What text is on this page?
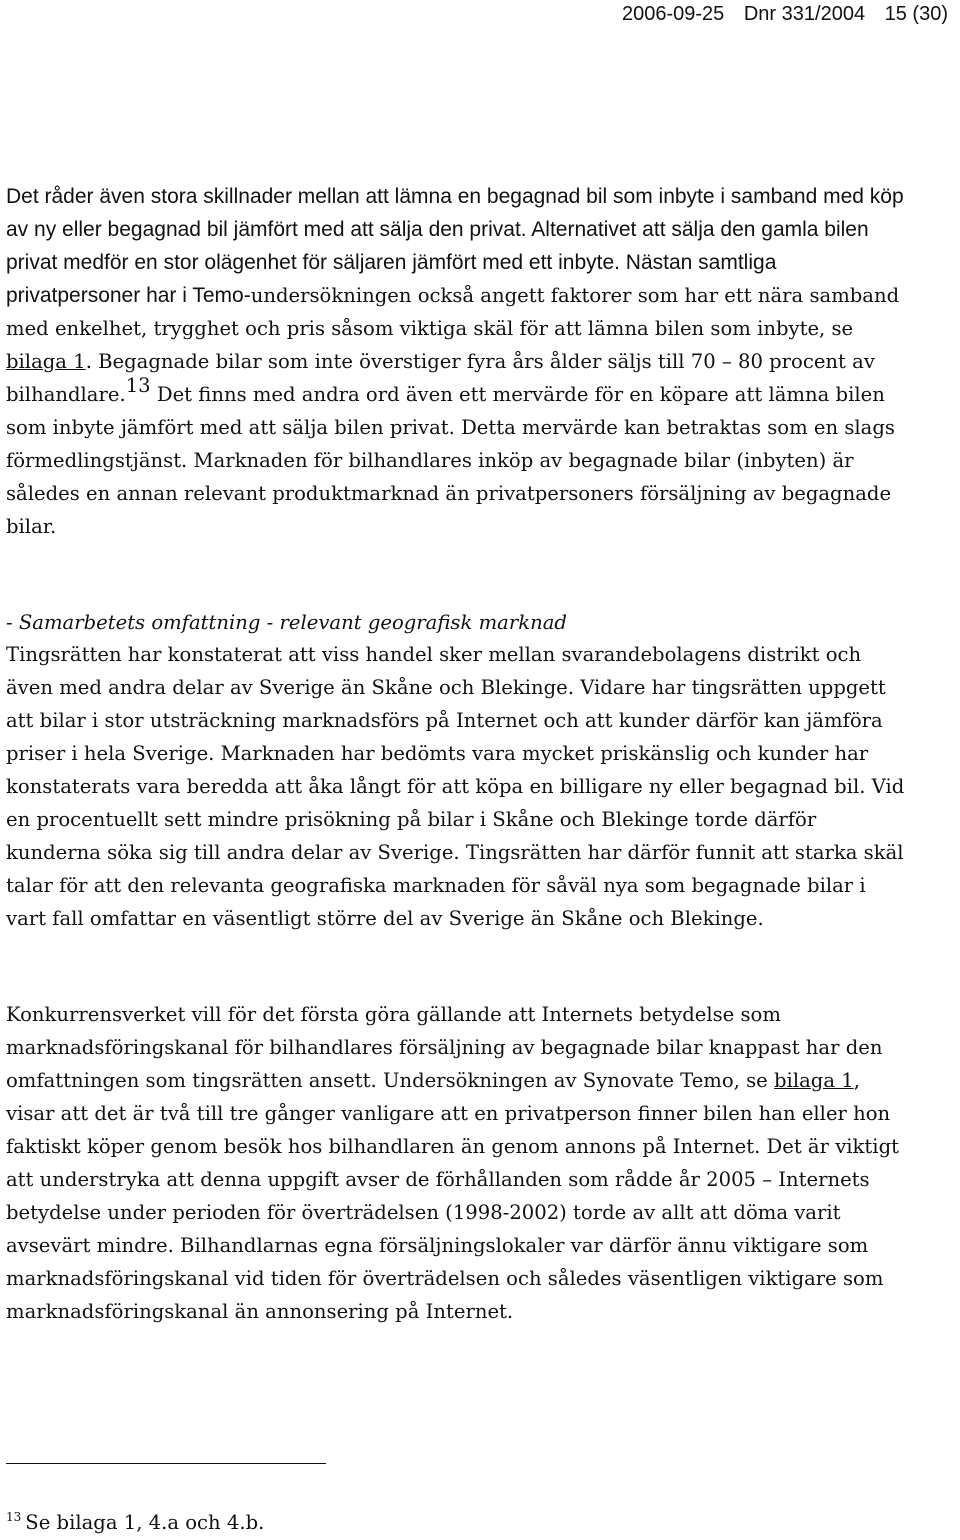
2006-09-25 Dnr 331/2004 15 (30)

Det råder även stora skillnader mellan att lämna en begagnad bil som inbyte i samband med köp av ny eller begagnad bil jämfört med att sälja den privat. Alternativet att sälja den gamla bilen privat medför en stor olägenhet för säljaren jämfört med ett inbyte. Nästan samtliga privatpersoner har i Temo-undersökningen också angett faktorer som har ett nära samband med enkelhet, trygghet och pris såsom viktiga skäl för att lämna bilen som inbyte, se bilaga 1. Begagnade bilar som inte överstiger fyra års ålder säljs till 70 – 80 procent av bilhandlare.$^{13}$ Det finns med andra ord även ett mervärde för en köpare att lämna bilen som inbyte jämfört med att sälja bilen privat. Detta mervärde kan betraktas som en slags förmedlingstjänst. Marknaden för bilhandlares inköp av begagnade bilar (inbyten) är således en annan relevant produktmarknad än privatpersoners försäljning av begagnade bilar.

- Samarbetets omfattning - relevant geografisk marknad

Tingsrätten har konstaterat att viss handel sker mellan svarandebolagens distrikt och även med andra delar av Sverige än Skåne och Blekinge. Vidare har tingsrätten uppgett att bilar i stor utsträckning marknadsförs på Internet och att kunder därför kan jämföra priser i hela Sverige. Marknaden har bedömts vara mycket priskänslig och kunder har konstaterats vara beredda att åka långt för att köpa en billigare ny eller begagnad bil. Vid en procentuellt sett mindre prisökning på bilar i Skåne och Blekinge torde därför kunderna söka sig till andra delar av Sverige. Tingsrätten har därför funnit att starka skäl talar för att den relevanta geografiska marknaden för såväl nya som begagnade bilar i vart fall omfattar en väsentligt större del av Sverige än Skåne och Blekinge.

Konkurrensverket vill för det första göra gällande att Internets betydelse som marknadsföringskanal för bilhandlares försäljning av begagnade bilar knappast har den omfattningen som tingsrätten ansett. Undersökningen av Synovate Temo, se bilaga 1, visar att det är två till tre gånger vanligare att en privatperson finner bilen han eller hon faktiskt köper genom besök hos bilhandlaren än genom annons på Internet. Det är viktigt att understryka att denna uppgift avser de förhållanden som rådde år 2005 – Internets betydelse under perioden för överträdelsen (1998-2002) torde av allt att döma varit avsevärt mindre. Bilhandlarnas egna försäljningslokaler var därför ännu viktigare som marknadsföringskanal vid tiden för överträdelsen och således väsentligen viktigare som marknadsföringskanal än annonsering på Internet.

$^{13}$ Se bilaga 1, 4.a och 4.b.
